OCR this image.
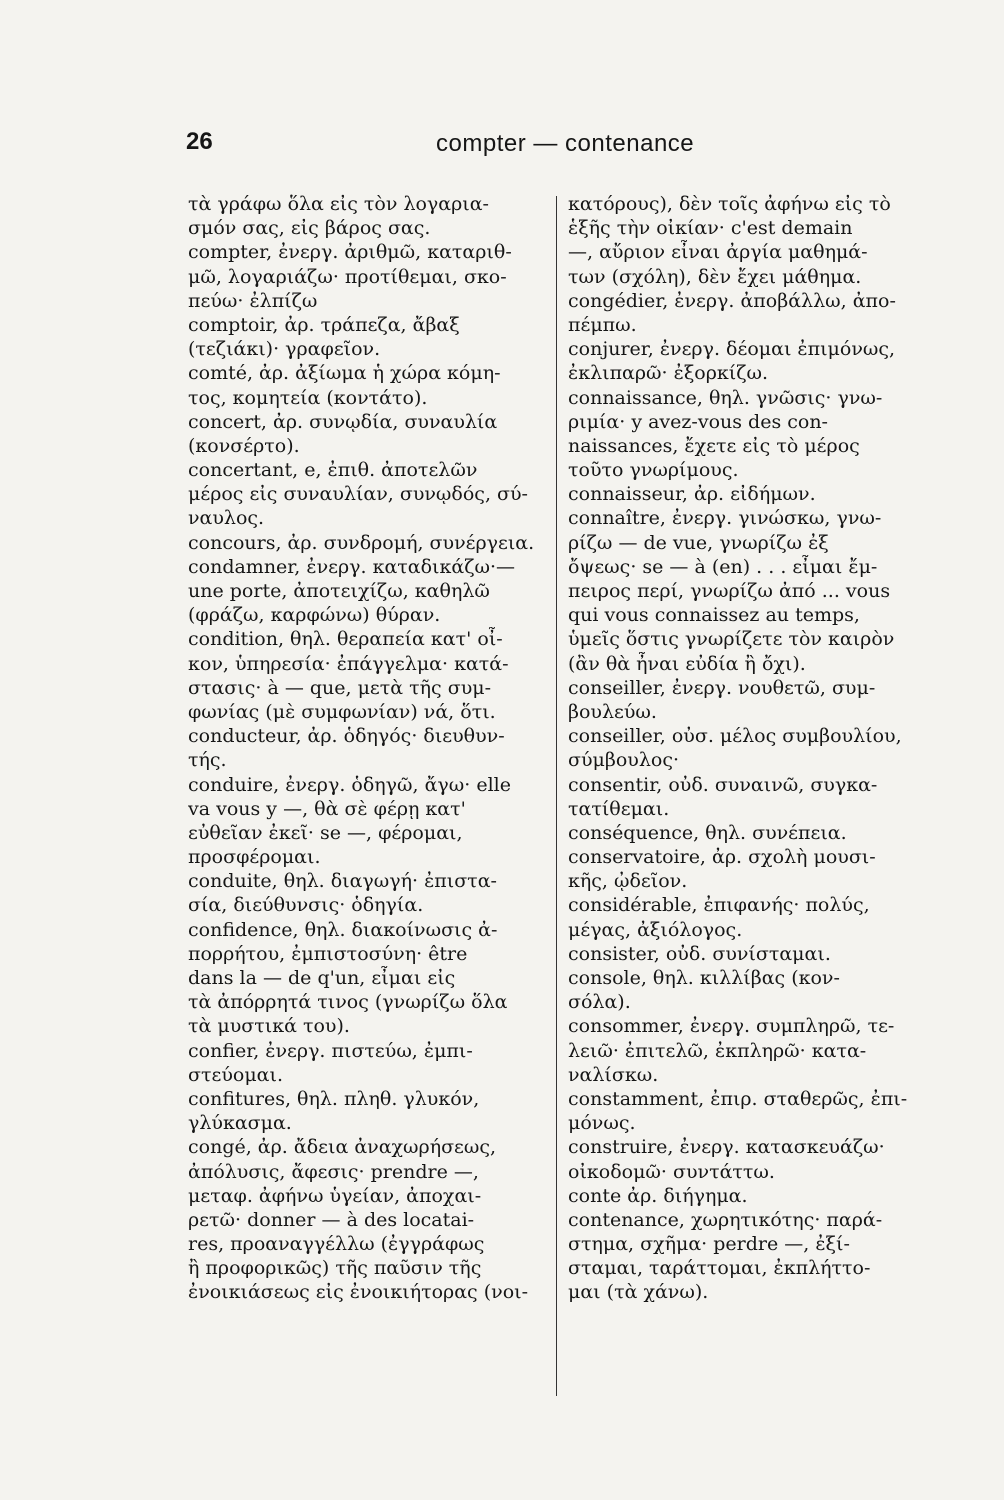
26	compter — contenance
τὰ γράφω ὅλα εἰς τὸν λογαρια-
σμόν σας, εἰς βάρος σας.
compter, ἐνεργ. ἀριθμῶ, καταριθ-
μῶ, λογαριάζω· προτίθεμαι, σκο-
πεύω· ἐλπίζω
comptoir, ἀρ. τράπεζα, ἄβαξ
(τεζιάκι)· γραφεῖον.
comté, ἀρ. ἀξίωμα ἡ χώρα κόμη-
τος, κομητεία (κοντάτο).
concert, ἀρ. συνῳδία, συναυλία
(κονσέρτο).
concertant, e, ἐπιθ. ἀποτελῶν
μέρος εἰς συναυλίαν, συνῳδός, σύ-
ναυλος.
concours, ἀρ. συνδρομή, συνέργεια.
condamner, ἐνεργ. καταδικάζω·—
une porte, ἀποτειχίζω, καθηλῶ
(φράζω, καρφώνω) θύραν.
condition, θηλ. θεραπεία κατ' οἶ-
κον, ὑπηρεσία· ἐπάγγελμα· κατά-
στασις· à — que, μετὰ τῆς συμ-
φωνίας (μὲ συμφωνίαν) νά, ὅτι.
conducteur, ἀρ. ὁδηγός· διευθυν-
τής.
conduire, ἐνεργ. ὁδηγῶ, ἄγω· elle
va vous y —, θὰ σὲ φέρῃ κατ'
εὐθεῖαν ἐκεῖ· se —, φέρομαι,
προσφέρομαι.
conduite, θηλ. διαγωγή· ἐπιστα-
σία, διεύθυνσις· ὁδηγία.
confidence, θηλ. διακοίνωσις ἀ-
πορρήτου, ἐμπιστοσύνη· être
dans la — de q'un, εἶμαι εἰς
τὰ ἀπόρρητά τινος (γνωρίζω ὅλα
τὰ μυστικά του).
confier, ἐνεργ. πιστεύω, ἐμπι-
στεύομαι.
confitures, θηλ. πληθ. γλυκόν,
γλύκασμα.
congé, ἀρ. ἄδεια ἀναχωρήσεως,
ἀπόλυσις, ἄφεσις· prendre —,
μεταφ. ἀφήνω ὑγείαν, ἀποχαι-
ρετῶ· donner — à des locatai-
res, προαναγγέλλω (ἐγγράφως
ἢ προφορικῶς) τῆς παῦσιν τῆς
ἐνοικιάσεως εἰς ἐνοικιήτορας (νοι-
κατόρους), δὲν τοῖς ἀφήνω εἰς τὸ
ἑξῆς τὴν οἰκίαν· c'est demain
—, αὔριον εἶναι ἀργία μαθημά-
των (σχόλη), δὲν ἔχει μάθημα.
congédier, ἐνεργ. ἀποβάλλω, ἀπο-
πέμπω.
conjurer, ἐνεργ. δέομαι ἐπιμόνως,
ἐκλιπαρῶ· ἐξορκίζω.
connaissance, θηλ. γνῶσις· γνω-
ριμία· y avez-vous des con-
naissances, ἔχετε εἰς τὸ μέρος
τοῦτο γνωρίμους.
connaisseur, ἀρ. εἰδήμων.
connaître, ἐνεργ. γινώσκω, γνω-
ρίζω — de vue, γνωρίζω ἐξ
ὄψεως· se — à (en) . . . εἶμαι ἔμ-
πειρος περί, γνωρίζω ἀπό ... vous
qui vous connaissez au temps,
ὑμεῖς ὅστις γνωρίζετε τὸν καιρὸν
(ἂν θὰ ἦναι εὐδία ἢ ὄχι).
conseiller, ἐνεργ. νουθετῶ, συμ-
βουλεύω.
conseiller, οὐσ. μέλος συμβουλίου,
σύμβουλος·
consentir, οὐδ. συναινῶ, συγκα-
τατίθεμαι.
conséquence, θηλ. συνέπεια.
conservatoire, ἀρ. σχολὴ μουσι-
κῆς, ᾠδεῖον.
considérable, ἐπιφανής· πολύς,
μέγας, ἀξιόλογος.
consister, οὐδ. συνίσταμαι.
console, θηλ. κιλλίβας (κον-
σόλα).
consommer, ἐνεργ. συμπληρῶ, τε-
λειῶ· ἐπιτελῶ, ἐκπληρῶ· κατα-
ναλίσκω.
constamment, ἐπιρ. σταθερῶς, ἐπι-
μόνως.
construire, ἐνεργ. κατασκευάζω·
οἰκοδομῶ· συντάττω.
conte ἀρ. διήγημα.
contenance, χωρητικότης· παρά-
στημα, σχῆμα· perdre —, ἐξί-
σταμαι, ταράττομαι, ἐκπλήττο-
μαι (τὰ χάνω).
